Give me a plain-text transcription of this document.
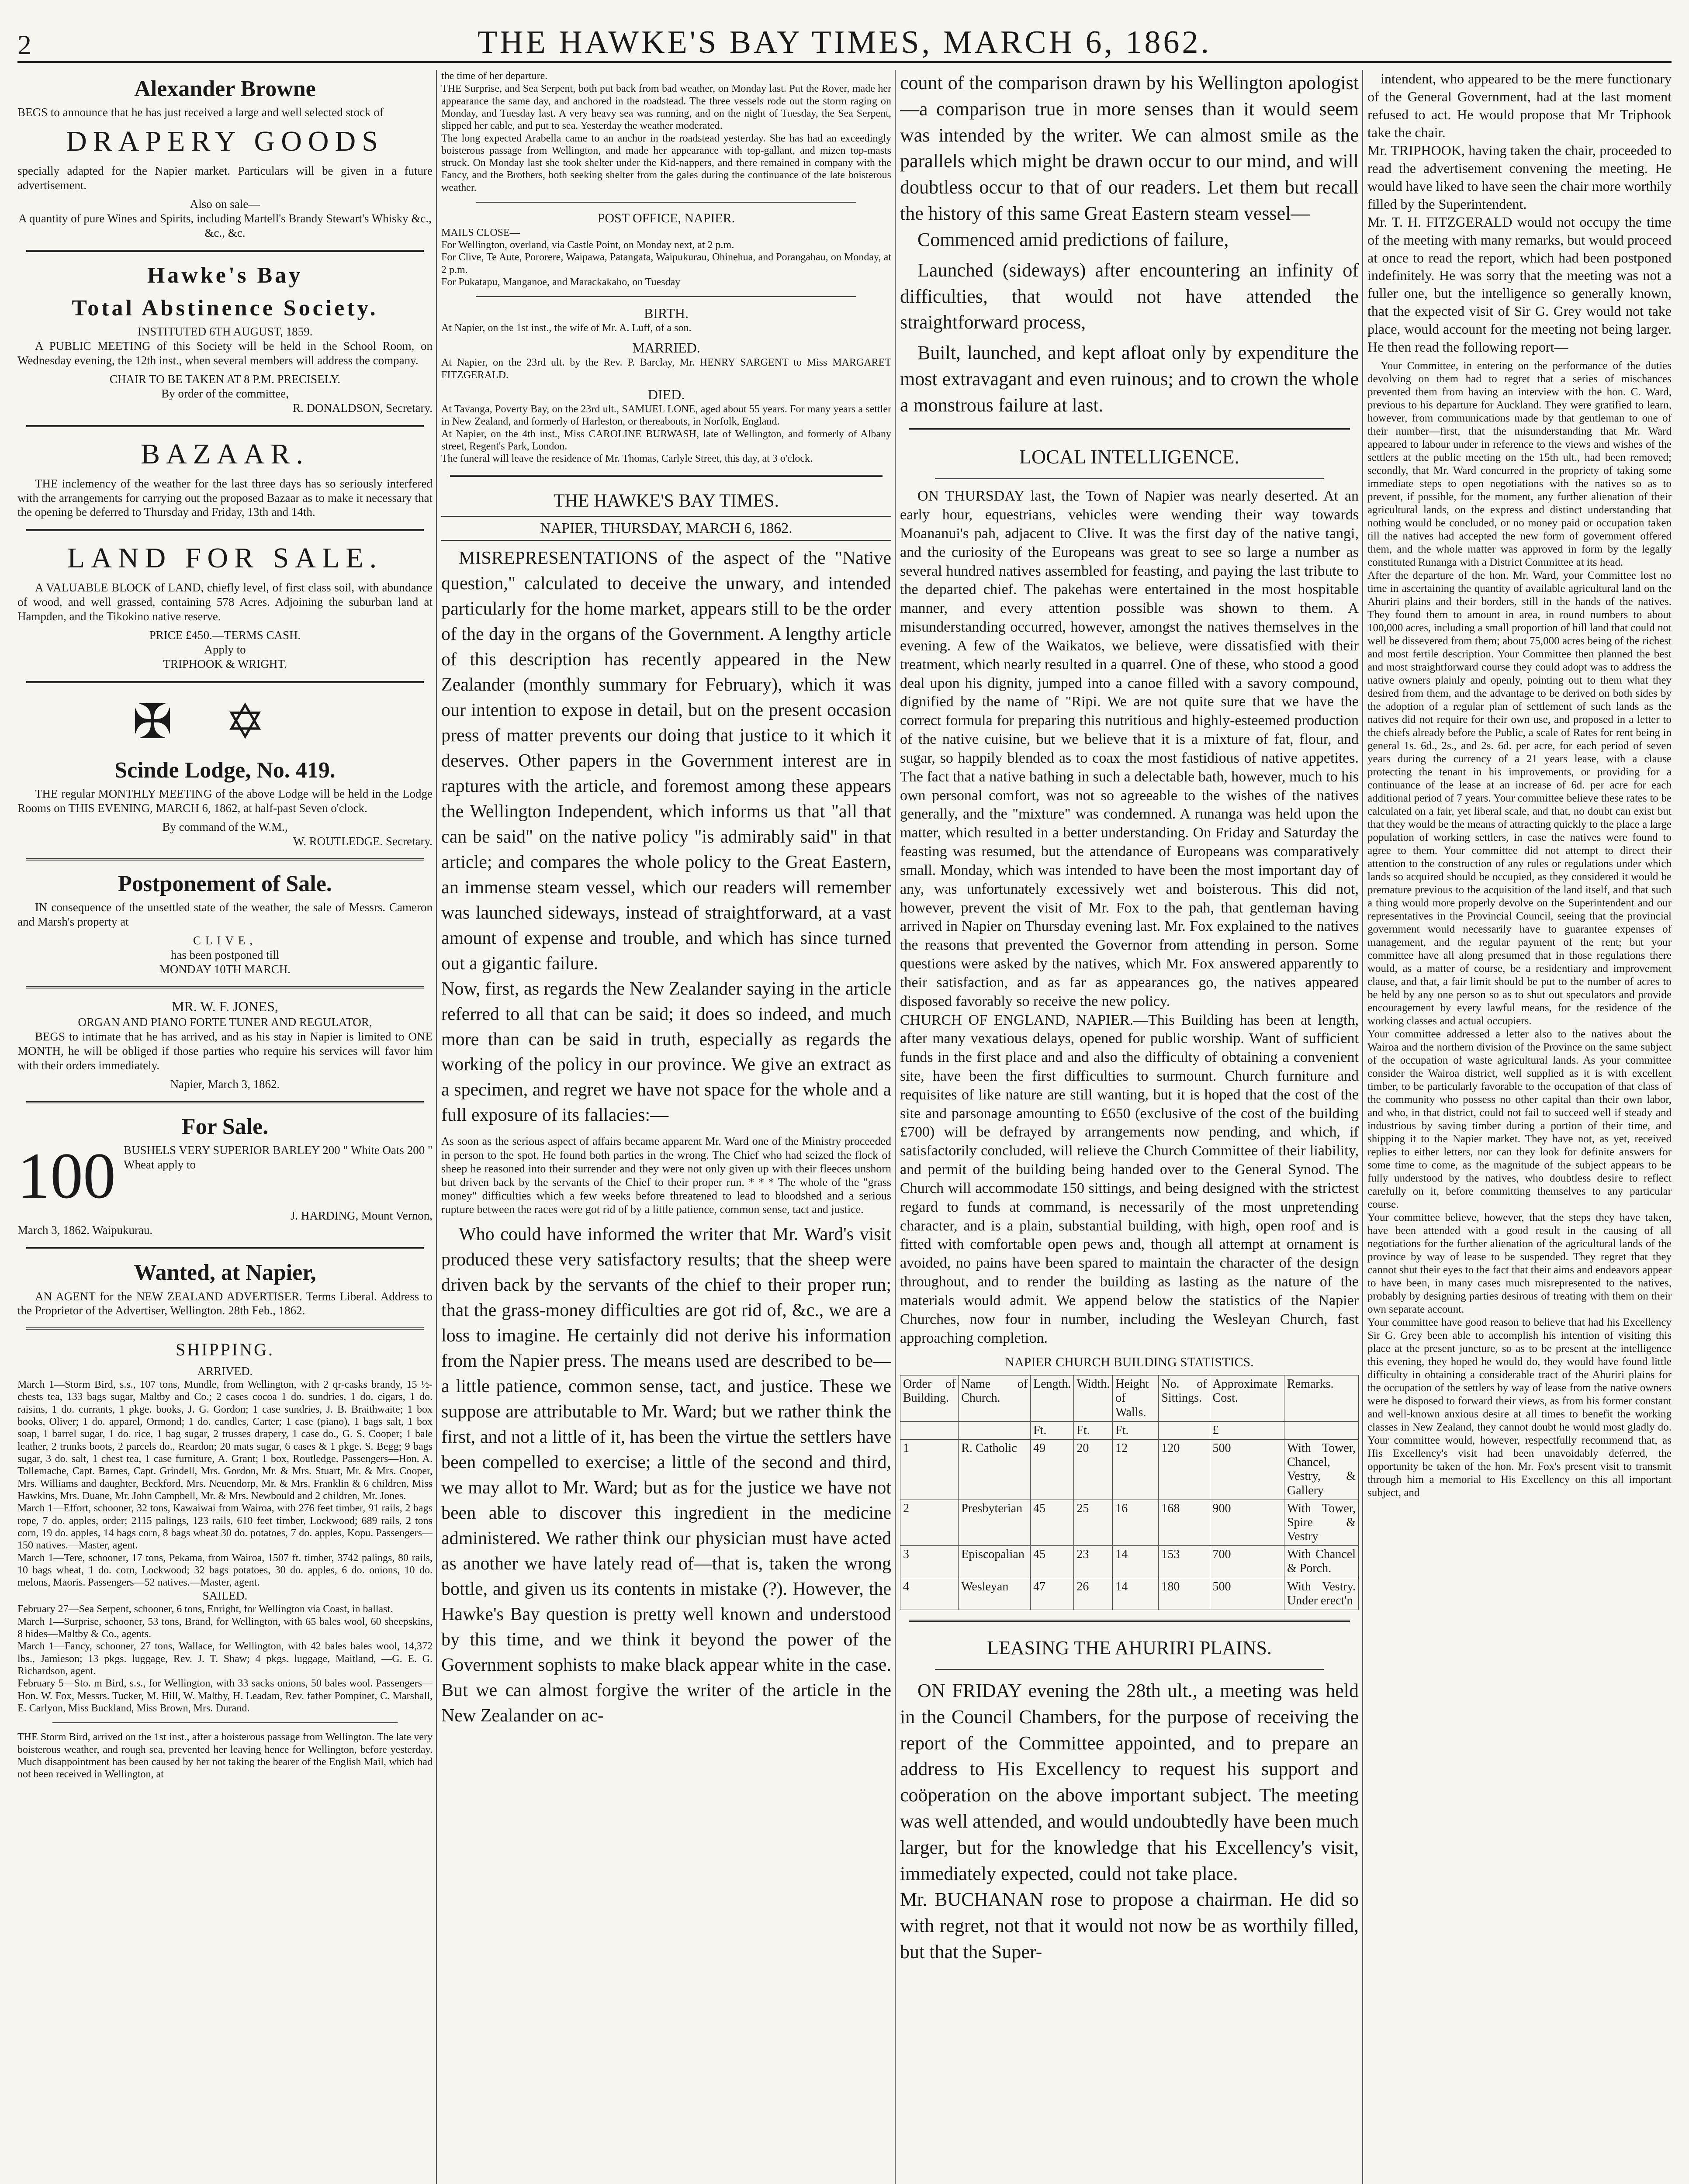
2	THE HAWKE'S BAY TIMES, MARCH 6, 1862.
Alexander Browne

BEGS to announce that he has just received a large and well selected stock of

DRAPERY GOODS

specially adapted for the Napier market. Particulars will be given in a future advertisement.

Also on sale—

A quantity of pure Wines and Spirits, including Martell's Brandy Stewart's Whisky &c., &c., &c.

Hawke's Bay
Total Abstinence Society.
INSTITUTED 6TH AUGUST, 1859.

A PUBLIC MEETING of this Society will be held in the School Room, on Wednesday evening, the 12th inst., when several members will address the company.

CHAIR TO BE TAKEN AT 8 P.M. PRECISELY.
By order of the committee,
R. DONALDSON, Secretary.
BAZAAR.

THE inclemency of the weather for the last three days has so seriously interfered with the arrangements for carrying out the proposed Bazaar as to make it necessary that the opening be deferred to Thursday and Friday, 13th and 14th.

LAND FOR SALE.

A VALUABLE BLOCK of LAND, chiefly level, of first class soil, with abundance of wood, and well grassed, containing 578 Acres. Adjoining the suburban land at Hampden, and the Tikokino native reserve.

PRICE £450.—TERMS CASH.
Apply to
TRIPHOOK & WRIGHT.
✠✡
Scinde Lodge, No. 419.

THE regular MONTHLY MEETING of the above Lodge will be held in the Lodge Rooms on THIS EVENING, MARCH 6, 1862, at half-past Seven o'clock.

By command of the W.M.,
W. ROUTLEDGE. Secretary.
Postponement of Sale.

IN consequence of the unsettled state of the weather, the sale of Messrs. Cameron and Marsh's property at

CLIVE,
has been postponed till
MONDAY 10TH MARCH.
MR. W. F. JONES,
ORGAN AND PIANO FORTE TUNER AND REGULATOR,

BEGS to intimate that he has arrived, and as his stay in Napier is limited to ONE MONTH, he will be obliged if those parties who require his services will favor him with their orders immediately.

Napier, March 3, 1862.
For Sale.
100 BUSHELS VERY SUPERIOR BARLEY 200 " White Oats 200 " Wheat apply to
J. HARDING, Mount Vernon,
March 3, 1862. Waipukurau.
Wanted, at Napier,

AN AGENT for the NEW ZEALAND ADVERTISER. Terms Liberal. Address to the Proprietor of the Advertiser, Wellington. 28th Feb., 1862.

SHIPPING.
ARRIVED.
March 1—Storm Bird, s.s., 107 tons, Mundle, from Wellington, with 2 qr-casks brandy, 15 ½-chests tea, 133 bags sugar, Maltby and Co.; 2 cases cocoa 1 do. sundries, 1 do. cigars, 1 do. raisins, 1 do. currants, 1 pkge. books, J. G. Gordon; 1 case sundries, J. B. Braithwaite; 1 box books, Oliver; 1 do. apparel, Ormond; 1 do. candles, Carter; 1 case (piano), 1 bags salt, 1 box soap, 1 barrel sugar, 1 do. rice, 1 bag sugar, 2 trusses drapery, 1 case do., G. S. Cooper; 1 bale leather, 2 trunks boots, 2 parcels do., Reardon; 20 mats sugar, 6 cases & 1 pkge. S. Begg; 9 bags sugar, 3 do. salt, 1 chest tea, 1 case furniture, A. Grant; 1 box, Routledge. Passengers—Hon. A. Tollemache, Capt. Barnes, Capt. Grindell, Mrs. Gordon, Mr. & Mrs. Stuart, Mr. & Mrs. Cooper, Mrs. Williams and daughter, Beckford, Mrs. Neuendorp, Mr. & Mrs. Franklin & 6 children, Miss Hawkins, Mrs. Duane, Mr. John Campbell, Mr. & Mrs. Newbould and 2 children, Mr. Jones.
March 1—Effort, schooner, 32 tons, Kawaiwai from Wairoa, with 276 feet timber, 91 rails, 2 bags rope, 7 do. apples, order; 2115 palings, 123 rails, 610 feet timber, Lockwood; 689 rails, 2 tons corn, 19 do. apples, 14 bags corn, 8 bags wheat 30 do. potatoes, 7 do. apples, Kopu. Passengers—150 natives.—Master, agent.
March 1—Tere, schooner, 17 tons, Pekama, from Wairoa, 1507 ft. timber, 3742 palings, 80 rails, 10 bags wheat, 1 do. corn, Lockwood; 32 bags potatoes, 30 do. apples, 6 do. onions, 10 do. melons, Maoris. Passengers—52 natives.—Master, agent.
SAILED.
February 27—Sea Serpent, schooner, 6 tons, Enright, for Wellington via Coast, in ballast.
March 1—Surprise, schooner, 53 tons, Brand, for Wellington, with 65 bales wool, 60 sheepskins, 8 hides—Maltby & Co., agents.
March 1—Fancy, schooner, 27 tons, Wallace, for Wellington, with 42 bales bales wool, 14,372 lbs., Jamieson; 13 pkgs. luggage, Rev. J. T. Shaw; 4 pkgs. luggage, Maitland, —G. E. G. Richardson, agent.
February 5—Sto. m Bird, s.s., for Wellington, with 33 sacks onions, 50 bales wool. Passengers—Hon. W. Fox, Messrs. Tucker, M. Hill, W. Maltby, H. Leadam, Rev. father Pompinet, C. Marshall, E. Carlyon, Miss Buckland, Miss Brown, Mrs. Durand.
THE Storm Bird, arrived on the 1st inst., after a boisterous passage from Wellington. The late very boisterous weather, and rough sea, prevented her leaving hence for Wellington, before yesterday. Much disappointment has been caused by her not taking the bearer of the English Mail, which had not been received in Wellington, at
the time of her departure.
THE Surprise, and Sea Serpent, both put back from bad weather, on Monday last. Put the Rover, made her appearance the same day, and anchored in the roadstead. The three vessels rode out the storm raging on Monday, and Tuesday last. A very heavy sea was running, and on the night of Tuesday, the Sea Serpent, slipped her cable, and put to sea. Yesterday the weather moderated.
The long expected Arabella came to an anchor in the roadstead yesterday. She has had an exceedingly boisterous passage from Wellington, and made her appearance with top-gallant, and mizen top-masts struck. On Monday last she took shelter under the Kid-nappers, and there remained in company with the Fancy, and the Brothers, both seeking shelter from the gales during the continuance of the late boisterous weather.
POST OFFICE, NAPIER.
MAILS CLOSE—
For Wellington, overland, via Castle Point, on Monday next, at 2 p.m.
For Clive, Te Aute, Pororere, Waipawa, Patangata, Waipukurau, Ohinehua, and Porangahau, on Monday, at 2 p.m.
For Pukatapu, Manganoe, and Marackakaho, on Tuesday
BIRTH.
At Napier, on the 1st inst., the wife of Mr. A. Luff, of a son.
MARRIED.
At Napier, on the 23rd ult. by the Rev. P. Barclay, Mr. HENRY SARGENT to Miss MARGARET FITZGERALD.
DIED.
At Tavanga, Poverty Bay, on the 23rd ult., SAMUEL LONE, aged about 55 years. For many years a settler in New Zealand, and formerly of Harleston, or thereabouts, in Norfolk, England.
At Napier, on the 4th inst., Miss CAROLINE BURWASH, late of Wellington, and formerly of Albany street, Regent's Park, London.
The funeral will leave the residence of Mr. Thomas, Carlyle Street, this day, at 3 o'clock.
THE HAWKE'S BAY TIMES.
NAPIER, THURSDAY, MARCH 6, 1862.
MISREPRESENTATIONS of the aspect of the "Native question," calculated to deceive the unwary, and intended particularly for the home market, appears still to be the order of the day in the organs of the Government. A lengthy article of this description has recently appeared in the New Zealander (monthly summary for February), which it was our intention to expose in detail, but on the present occasion press of matter prevents our doing that justice to it which it deserves. Other papers in the Government interest are in raptures with the article, and foremost among these appears the Wellington Independent, which informs us that "all that can be said" on the native policy "is admirably said" in that article; and compares the whole policy to the Great Eastern, an immense steam vessel, which our readers will remember was launched sideways, instead of straightforward, at a vast amount of expense and trouble, and which has since turned out a gigantic failure.
Now, first, as regards the New Zealander saying in the article referred to all that can be said; it does so indeed, and much more than can be said in truth, especially as regards the working of the policy in our province. We give an extract as a specimen, and regret we have not space for the whole and a full exposure of its fallacies:—
As soon as the serious aspect of affairs became apparent Mr. Ward one of the Ministry proceeded in person to the spot. He found both parties in the wrong. The Chief who had seized the flock of sheep he reasoned into their surrender and they were not only given up with their fleeces unshorn but driven back by the servants of the Chief to their proper run. * * * The whole of the "grass money" difficulties which a few weeks before threatened to lead to bloodshed and a serious rupture between the races were got rid of by a little patience, common sense, tact and justice.
Who could have informed the writer that Mr. Ward's visit produced these very satisfactory results; that the sheep were driven back by the servants of the chief to their proper run; that the grass-money difficulties are got rid of, &c., we are a loss to imagine. He certainly did not derive his information from the Napier press. The means used are described to be—a little patience, common sense, tact, and justice. These we suppose are attributable to Mr. Ward; but we rather think the first, and not a little of it, has been the virtue the settlers have been compelled to exercise; a little of the second and third, we may allot to Mr. Ward; but as for the justice we have not been able to discover this ingredient in the medicine administered. We rather think our physician must have acted as another we have lately read of—that is, taken the wrong bottle, and given us its contents in mistake (?). However, the Hawke's Bay question is pretty well known and understood by this time, and we think it beyond the power of the Government sophists to make black appear white in the case. But we can almost forgive the writer of the article in the New Zealander on ac-
count of the comparison drawn by his Wellington apologist—a comparison true in more senses than it would seem was intended by the writer. We can almost smile as the parallels which might be drawn occur to our mind, and will doubtless occur to that of our readers. Let them but recall the history of this same Great Eastern steam vessel—

Commenced amid predictions of failure,

Launched (sideways) after encountering an infinity of difficulties, that would not have attended the straightforward process,

Built, launched, and kept afloat only by expenditure the most extravagant and even ruinous; and to crown the whole a monstrous failure at last.

LOCAL INTELLIGENCE.
ON THURSDAY last, the Town of Napier was nearly deserted. At an early hour, equestrians, vehicles were wending their way towards Moananui's pah, adjacent to Clive. It was the first day of the native tangi, and the curiosity of the Europeans was great to see so large a number as several hundred natives assembled for feasting, and paying the last tribute to the departed chief. The pakehas were entertained in the most hospitable manner, and every attention possible was shown to them. A misunderstanding occurred, however, amongst the natives themselves in the evening. A few of the Waikatos, we believe, were dissatisfied with their treatment, which nearly resulted in a quarrel. One of these, who stood a good deal upon his dignity, jumped into a canoe filled with a savory compound, dignified by the name of "Ripi. We are not quite sure that we have the correct formula for preparing this nutritious and highly-esteemed production of the native cuisine, but we believe that it is a mixture of fat, flour, and sugar, so happily blended as to coax the most fastidious of native appetites. The fact that a native bathing in such a delectable bath, however, much to his own personal comfort, was not so agreeable to the wishes of the natives generally, and the "mixture" was condemned. A runanga was held upon the matter, which resulted in a better understanding. On Friday and Saturday the feasting was resumed, but the attendance of Europeans was comparatively small. Monday, which was intended to have been the most important day of any, was unfortunately excessively wet and boisterous. This did not, however, prevent the visit of Mr. Fox to the pah, that gentleman having arrived in Napier on Thursday evening last. Mr. Fox explained to the natives the reasons that prevented the Governor from attending in person. Some questions were asked by the natives, which Mr. Fox answered apparently to their satisfaction, and as far as appearances go, the natives appeared disposed favorably so receive the new policy.
CHURCH OF ENGLAND, NAPIER.—This Building has been at length, after many vexatious delays, opened for public worship. Want of sufficient funds in the first place and and also the difficulty of obtaining a convenient site, have been the first difficulties to surmount. Church furniture and requisites of like nature are still wanting, but it is hoped that the cost of the site and parsonage amounting to £650 (exclusive of the cost of the building £700) will be defrayed by arrangements now pending, and which, if satisfactorily concluded, will relieve the Church Committee of their liability, and permit of the building being handed over to the General Synod. The Church will accommodate 150 sittings, and being designed with the strictest regard to funds at command, is necessarily of the most unpretending character, and is a plain, substantial building, with high, open roof and is fitted with comfortable open pews and, though all attempt at ornament is avoided, no pains have been spared to maintain the character of the design throughout, and to render the building as lasting as the nature of the materials would admit. We append below the statistics of the Napier Churches, now four in number, including the Wesleyan Church, fast approaching completion.
NAPIER CHURCH BUILDING STATISTICS.
Order of Building.	Name of Church.	Length.	Width.	Height of Walls.	No. of Sittings.	Approximate Cost.	Remarks.
		Ft.	Ft.	Ft.		£	
1	R. Catholic	49	20	12	120	500	With Tower, Chancel, Vestry, & Gallery
2	Presbyterian	45	25	16	168	900	With Tower, Spire & Vestry
3	Episcopalian	45	23	14	153	700	With Chancel & Porch.
4	Wesleyan	47	26	14	180	500	With Vestry. Under erect'n
LEASING THE AHURIRI PLAINS.
ON FRIDAY evening the 28th ult., a meeting was held in the Council Chambers, for the purpose of receiving the report of the Committee appointed, and to prepare an address to His Excellency to request his support and coöperation on the above important subject. The meeting was well attended, and would undoubtedly have been much larger, but for the knowledge that his Excellency's visit, immediately expected, could not take place.
Mr. BUCHANAN rose to propose a chairman. He did so with regret, not that it would not now be as worthily filled, but that the Super-
intendent, who appeared to be the mere functionary of the General Government, had at the last moment refused to act. He would propose that Mr Triphook take the chair.
Mr. TRIPHOOK, having taken the chair, proceeded to read the advertisement convening the meeting. He would have liked to have seen the chair more worthily filled by the Superintendent.
Mr. T. H. FITZGERALD would not occupy the time of the meeting with many remarks, but would proceed at once to read the report, which had been postponed indefinitely. He was sorry that the meeting was not a fuller one, but the intelligence so generally known, that the expected visit of Sir G. Grey would not take place, would account for the meeting not being larger. He then read the following report—
Your Committee, in entering on the performance of the duties devolving on them had to regret that a series of mischances prevented them from having an interview with the hon. C. Ward, previous to his departure for Auckland. They were gratified to learn, however, from communications made by that gentleman to one of their number—first, that the misunderstanding that Mr. Ward appeared to labour under in reference to the views and wishes of the settlers at the public meeting on the 15th ult., had been removed; secondly, that Mr. Ward concurred in the propriety of taking some immediate steps to open negotiations with the natives so as to prevent, if possible, for the moment, any further alienation of their agricultural lands, on the express and distinct understanding that nothing would be concluded, or no money paid or occupation taken till the natives had accepted the new form of government offered them, and the whole matter was approved in form by the legally constituted Runanga with a District Committee at its head.
After the departure of the hon. Mr. Ward, your Committee lost no time in ascertaining the quantity of available agricultural land on the Ahuriri plains and their borders, still in the hands of the natives. They found them to amount in area, in round numbers to about 100,000 acres, including a small proportion of hill land that could not well be dissevered from them; about 75,000 acres being of the richest and most fertile description. Your Committee then planned the best and most straightforward course they could adopt was to address the native owners plainly and openly, pointing out to them what they desired from them, and the advantage to be derived on both sides by the adoption of a regular plan of settlement of such lands as the natives did not require for their own use, and proposed in a letter to the chiefs already before the Public, a scale of Rates for rent being in general 1s. 6d., 2s., and 2s. 6d. per acre, for each period of seven years during the currency of a 21 years lease, with a clause protecting the tenant in his improvements, or providing for a continuance of the lease at an increase of 6d. per acre for each additional period of 7 years. Your committee believe these rates to be calculated on a fair, yet liberal scale, and that, no doubt can exist but that they would be the means of attracting quickly to the place a large population of working settlers, in case the natives were found to agree to them. Your committee did not attempt to direct their attention to the construction of any rules or regulations under which lands so acquired should be occupied, as they considered it would be premature previous to the acquisition of the land itself, and that such a thing would more properly devolve on the Superintendent and our representatives in the Provincial Council, seeing that the provincial government would necessarily have to guarantee expenses of management, and the regular payment of the rent; but your committee have all along presumed that in those regulations there would, as a matter of course, be a residentiary and improvement clause, and that, a fair limit should be put to the number of acres to be held by any one person so as to shut out speculators and provide encouragement by every lawful means, for the residence of the working classes and actual occupiers.
Your committee addressed a letter also to the natives about the Wairoa and the northern division of the Province on the same subject of the occupation of waste agricultural lands. As your committee consider the Wairoa district, well supplied as it is with excellent timber, to be particularly favorable to the occupation of that class of the community who possess no other capital than their own labor, and who, in that district, could not fail to succeed well if steady and industrious by saving timber during a portion of their time, and shipping it to the Napier market. They have not, as yet, received replies to either letters, nor can they look for definite answers for some time to come, as the magnitude of the subject appears to be fully understood by the natives, who doubtless desire to reflect carefully on it, before committing themselves to any particular course.
Your committee believe, however, that the steps they have taken, have been attended with a good result in the causing of all negotiations for the further alienation of the agricultural lands of the province by way of lease to be suspended. They regret that they cannot shut their eyes to the fact that their aims and endeavors appear to have been, in many cases much misrepresented to the natives, probably by designing parties desirous of treating with them on their own separate account.
Your committee have good reason to believe that had his Excellency Sir G. Grey been able to accomplish his intention of visiting this place at the present juncture, so as to be present at the intelligence this evening, they hoped he would do, they would have found little difficulty in obtaining a considerable tract of the Ahuriri plains for the occupation of the settlers by way of lease from the native owners were he disposed to forward their views, as from his former constant and well-known anxious desire at all times to benefit the working classes in New Zealand, they cannot doubt he would most gladly do. Your committee would, however, respectfully recommend that, as His Excellency's visit had been unavoidably deferred, the opportunity be taken of the hon. Mr. Fox's present visit to transmit through him a memorial to His Excellency on this all important subject, and
